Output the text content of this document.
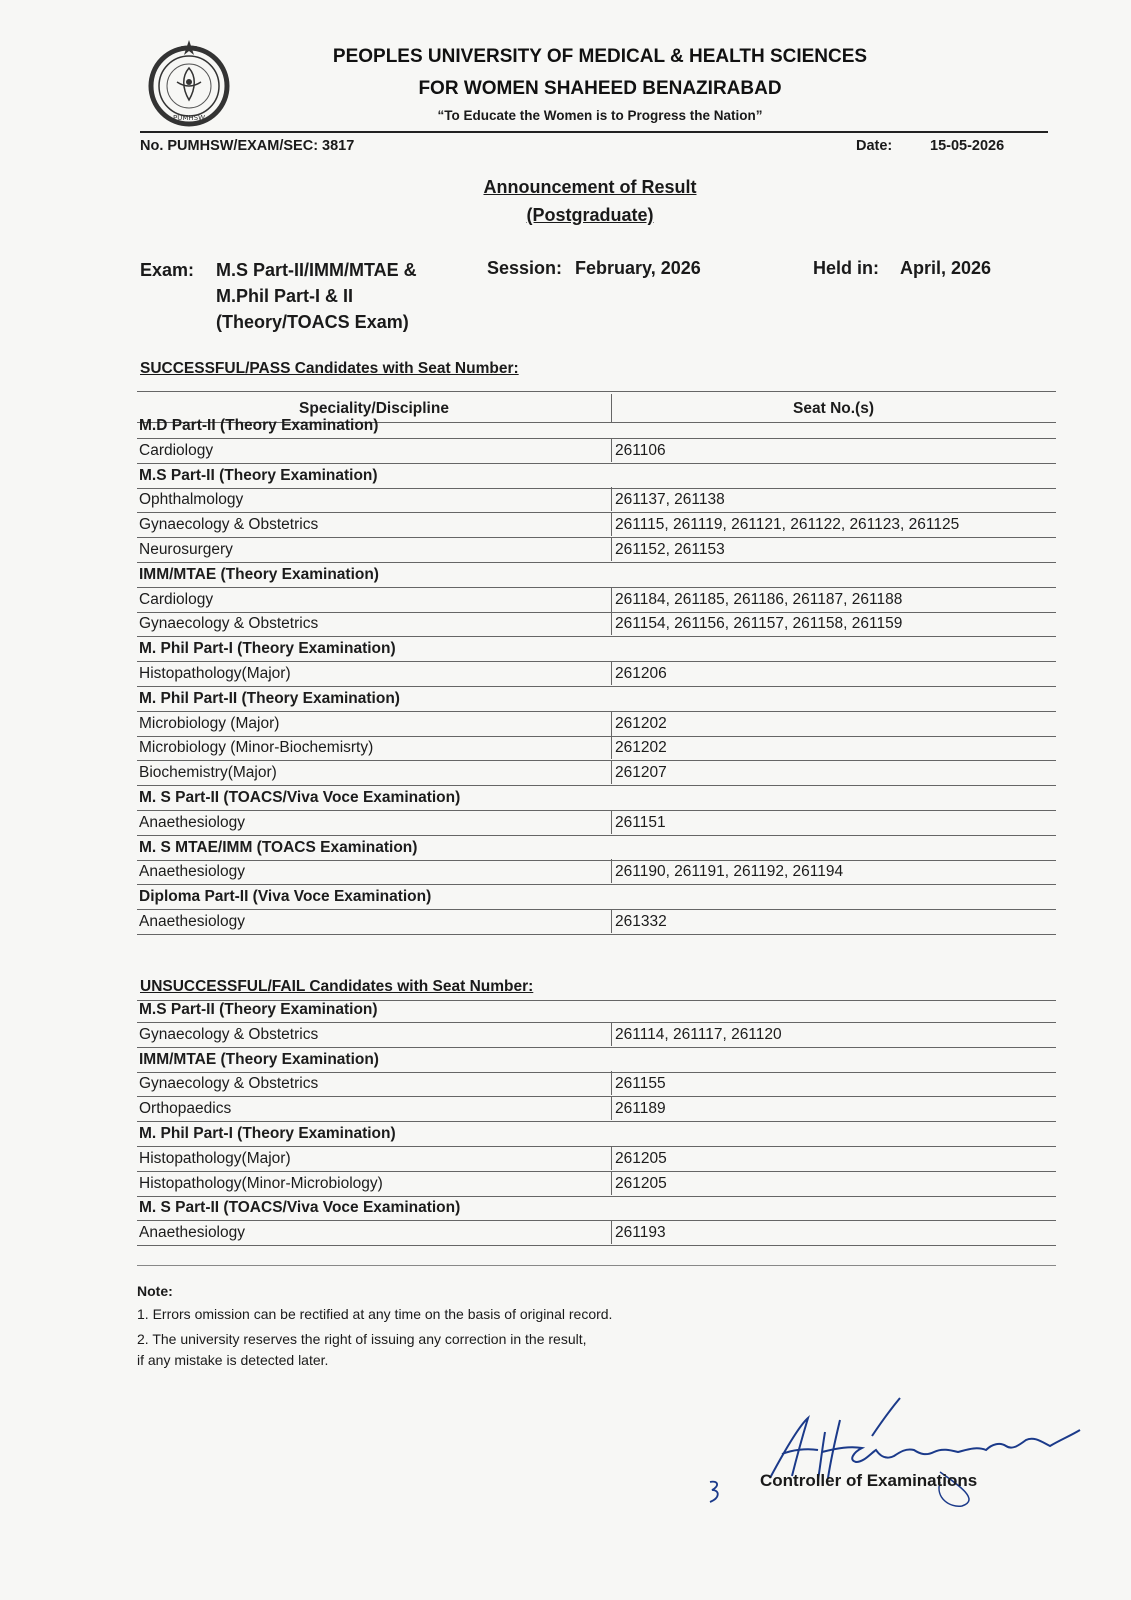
PUMHSW
PEOPLES UNIVERSITY OF MEDICAL & HEALTH SCIENCES
FOR WOMEN SHAHEED BENAZIRABAD
“To Educate the Women is to Progress the Nation”
No. PUMHSW/EXAM/SEC: 3817	Date:	15-05-2026
Announcement of Result
(Postgraduate)
Exam: M.S Part-II/IMM/MTAE &
M.Phil Part-I & II
(Theory/TOACS Exam)
Session: February, 2026	Held in: April, 2026
SUCCESSFUL/PASS Candidates with Seat Number:
Speciality/Discipline	Seat No.(s)
M.D Part-II (Theory Examination)
Cardiology	261106
M.S Part-II (Theory Examination)
Ophthalmology	261137, 261138
Gynaecology & Obstetrics	261115, 261119, 261121, 261122, 261123, 261125
Neurosurgery	261152, 261153
IMM/MTAE (Theory Examination)
Cardiology	261184, 261185, 261186, 261187, 261188
Gynaecology & Obstetrics	261154, 261156, 261157, 261158, 261159
M. Phil Part-I (Theory Examination)
Histopathology(Major)	261206
M. Phil Part-II (Theory Examination)
Microbiology (Major)	261202
Microbiology (Minor-Biochemisrty)	261202
Biochemistry(Major)	261207
M. S Part-II (TOACS/Viva Voce Examination)
Anaethesiology	261151
M. S MTAE/IMM (TOACS Examination)
Anaethesiology	261190, 261191, 261192, 261194
Diploma Part-II (Viva Voce Examination)
Anaethesiology	261332
UNSUCCESSFUL/FAIL Candidates with Seat Number:
M.S Part-II (Theory Examination)
Gynaecology & Obstetrics	261114, 261117, 261120
IMM/MTAE (Theory Examination)
Gynaecology & Obstetrics	261155
Orthopaedics	261189
M. Phil Part-I (Theory Examination)
Histopathology(Major)	261205
Histopathology(Minor-Microbiology)	261205
M. S Part-II (TOACS/Viva Voce Examination)
Anaethesiology	261193
Note:
1. Errors omission can be rectified at any time on the basis of original record.
2. The university reserves the right of issuing any correction in the result,
if any mistake is detected later.
Controller of Examinations
